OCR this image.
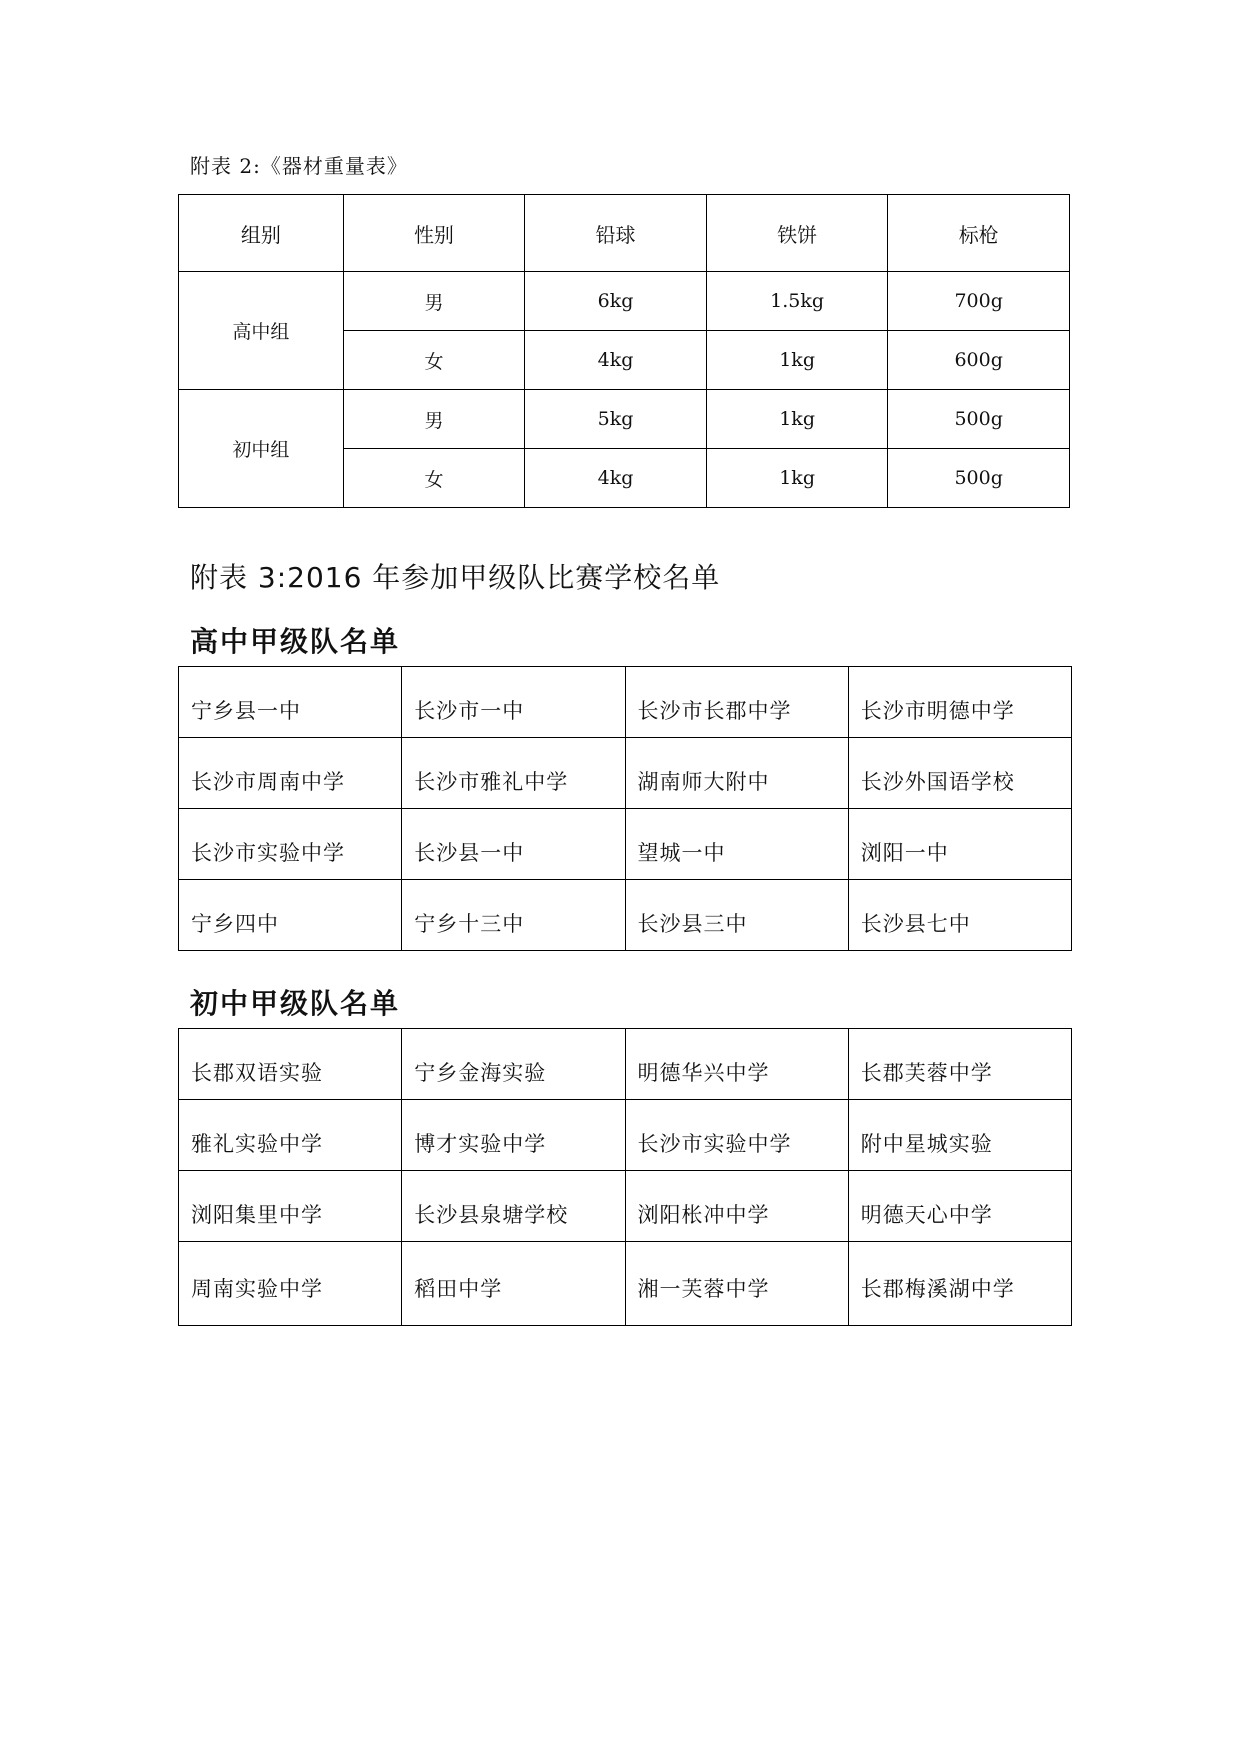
附表 2:《器材重量表》
组别	性别	铅球	铁饼	标枪
高中组	男	6kg	1.5kg	700g
	女	4kg	1kg	600g
初中组	男	5kg	1kg	500g
	女	4kg	1kg	500g
附表 3:2016 年参加甲级队比赛学校名单
高中甲级队名单
宁乡县一中	长沙市一中	长沙市长郡中学	长沙市明德中学
长沙市周南中学	长沙市雅礼中学	湖南师大附中	长沙外国语学校
长沙市实验中学	长沙县一中	望城一中	浏阳一中
宁乡四中	宁乡十三中	长沙县三中	长沙县七中
初中甲级队名单
长郡双语实验	宁乡金海实验	明德华兴中学	长郡芙蓉中学
雅礼实验中学	博才实验中学	长沙市实验中学	附中星城实验
浏阳集里中学	长沙县泉塘学校	浏阳枨冲中学	明德天心中学
周南实验中学	稻田中学	湘一芙蓉中学	长郡梅溪湖中学
